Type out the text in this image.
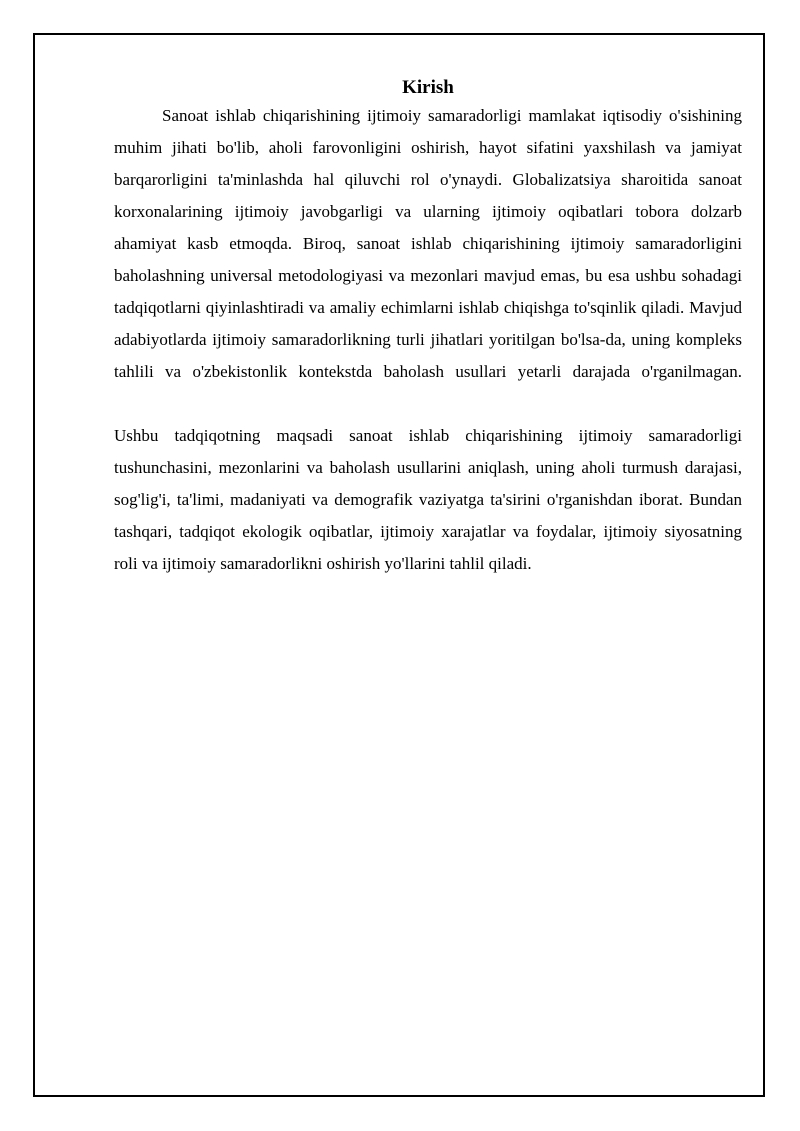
Kirish

Sanoat ishlab chiqarishining ijtimoiy samaradorligi mamlakat iqtisodiy o'sishining muhim jihati bo'lib, aholi farovonligini oshirish, hayot sifatini yaxshilash va jamiyat barqarorligini ta'minlashda hal qiluvchi rol o'ynaydi. Globalizatsiya sharoitida sanoat korxonalarining ijtimoiy javobgarligi va ularning ijtimoiy oqibatlari tobora dolzarb ahamiyat kasb etmoqda. Biroq, sanoat ishlab chiqarishining ijtimoiy samaradorligini baholashning universal metodologiyasi va mezonlari mavjud emas, bu esa ushbu sohadagi tadqiqotlarni qiyinlashtiradi va amaliy echimlarni ishlab chiqishga to'sqinlik qiladi. Mavjud adabiyotlarda ijtimoiy samaradorlikning turli jihatlari yoritilgan bo'lsa-da, uning kompleks tahlili va o'zbekistonlik kontekstda baholash usullari yetarli darajada o'rganilmagan.

Ushbu tadqiqotning maqsadi sanoat ishlab chiqarishining ijtimoiy samaradorligi tushunchasini, mezonlarini va baholash usullarini aniqlash, uning aholi turmush darajasi, sog'lig'i, ta'limi, madaniyati va demografik vaziyatga ta'sirini o'rganishdan iborat. Bundan tashqari, tadqiqot ekologik oqibatlar, ijtimoiy xarajatlar va foydalar, ijtimoiy siyosatning roli va ijtimoiy samaradorlikni oshirish yo'llarini tahlil qiladi.
